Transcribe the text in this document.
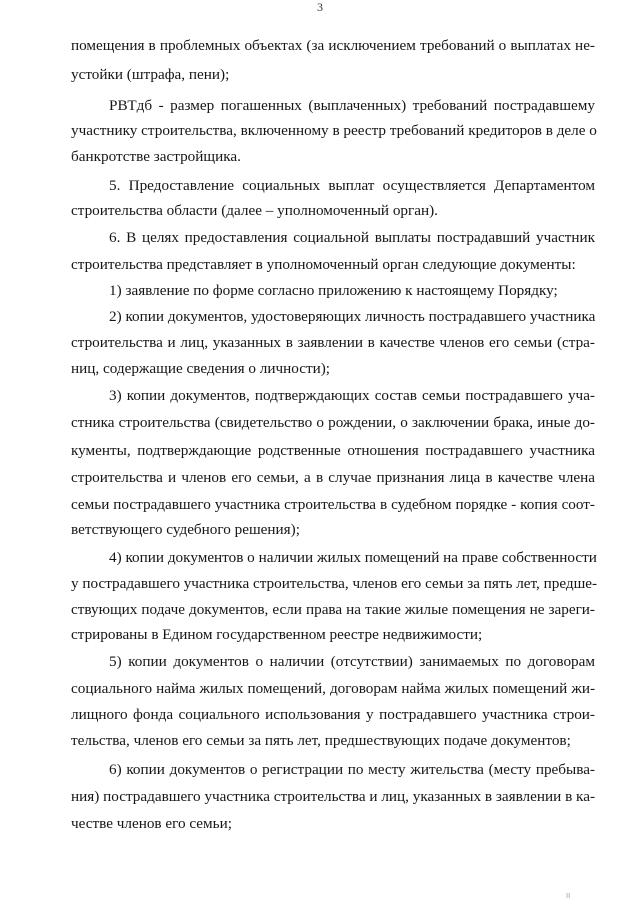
3
помещения в проблемных объектах (за исключением требований о выплатах не-
устойки (штрафа, пени);
РВТдб - размер погашенных (выплаченных) требований пострадавшему
участнику строительства, включенному в реестр требований кредиторов в деле о
банкротстве застройщика.
5. Предоставление социальных выплат осуществляется Департаментом
строительства области (далее – уполномоченный орган).
6. В целях предоставления социальной выплаты пострадавший участник
строительства представляет в уполномоченный орган следующие документы:
1) заявление по форме согласно приложению к настоящему Порядку;
2) копии документов, удостоверяющих личность пострадавшего участника
строительства и лиц, указанных в заявлении в качестве членов его семьи (стра-
ниц, содержащие сведения о личности);
3) копии документов, подтверждающих состав семьи пострадавшего уча-
стника строительства (свидетельство о рождении, о заключении брака, иные до-
кументы, подтверждающие родственные отношения пострадавшего участника
строительства и членов его семьи, а в случае признания лица в качестве члена
семьи пострадавшего участника строительства в судебном порядке - копия соот-
ветствующего судебного решения);
4) копии документов о наличии жилых помещений на праве собственности
у пострадавшего участника строительства, членов его семьи за пять лет, предше-
ствующих подаче документов, если права на такие жилые помещения не зареги-
стрированы в Едином государственном реестре недвижимости;
5) копии документов о наличии (отсутствии) занимаемых по договорам
социального найма жилых помещений, договорам найма жилых помещений жи-
лищного фонда социального использования у пострадавшего участника строи-
тельства, членов его семьи за пять лет, предшествующих подаче документов;
6) копии документов о регистрации по месту жительства (месту пребыва-
ния) пострадавшего участника строительства и лиц, указанных в заявлении в ка-
честве членов его семьи;
II
